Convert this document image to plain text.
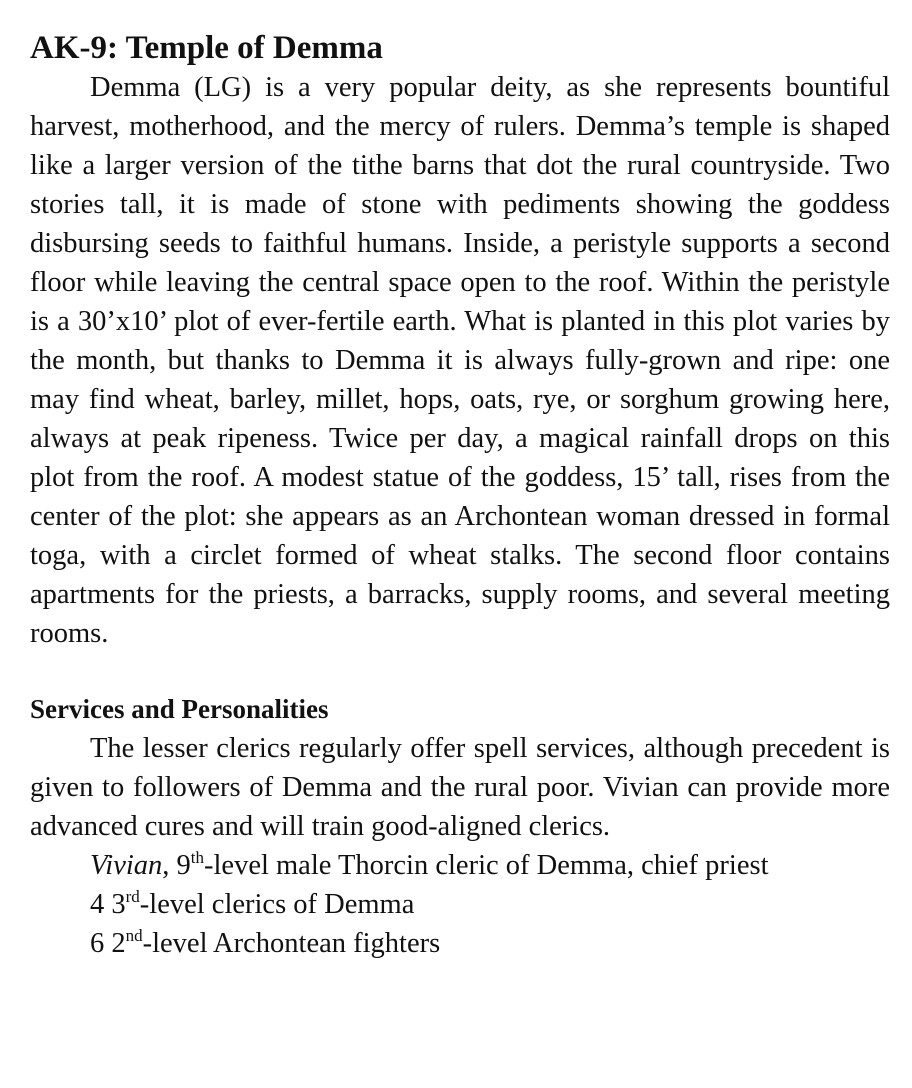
AK-9: Temple of Demma

Demma (LG) is a very popular deity, as she represents bountiful harvest, motherhood, and the mercy of rulers. Demma’s temple is shaped like a larger version of the tithe barns that dot the rural countryside. Two stories tall, it is made of stone with pediments showing the goddess disbursing seeds to faithful humans. Inside, a peristyle supports a second floor while leaving the central space open to the roof. Within the peristyle is a 30’x10’ plot of ever-fertile earth. What is planted in this plot varies by the month, but thanks to Demma it is always fully-grown and ripe: one may find wheat, barley, millet, hops, oats, rye, or sorghum growing here, always at peak ripeness. Twice per day, a magical rainfall drops on this plot from the roof. A modest statue of the goddess, 15’ tall, rises from the center of the plot: she appears as an Archontean woman dressed in formal toga, with a circlet formed of wheat stalks. The second floor contains apartments for the priests, a barracks, supply rooms, and several meeting rooms.

Services and Personalities

The lesser clerics regularly offer spell services, although precedent is given to followers of Demma and the rural poor. Vivian can provide more advanced cures and will train good-aligned clerics.

Vivian, 9th-level male Thorcin cleric of Demma, chief priest
4 3rd-level clerics of Demma
6 2nd-level Archontean fighters
